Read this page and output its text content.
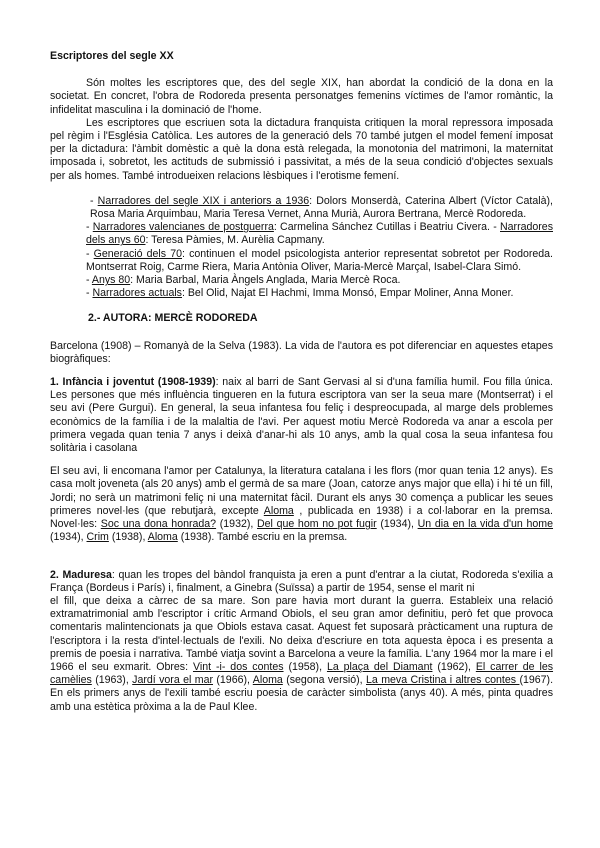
Escriptores del segle XX

Són moltes les escriptores que, des del segle XIX, han abordat la condició de la dona en la societat. En concret, l'obra de Rodoreda presenta personatges femenins víctimes de l'amor romàntic, la infidelitat masculina i la dominació de l'home.

Les escriptores que escriuen sota la dictadura franquista critiquen la moral repressora imposada pel règim i l'Església Catòlica. Les autores de la generació dels 70 també jutgen el model femení imposat per la dictadura: l'àmbit domèstic a què la dona està relegada, la monotonia del matrimoni, la maternitat imposada i, sobretot, les actituds de submissió i passivitat, a més de la seua condició d'objectes sexuals per als homes. També introdueixen relacions lèsbiques i l'erotisme femení.

- Narradores del segle XIX i anteriors a 1936: Dolors Monserdà, Caterina Albert (Víctor Català), Rosa Maria Arquimbau, Maria Teresa Vernet, Anna Murià, Aurora Bertrana, Mercè Rodoreda.

- Narradores valencianes de postguerra: Carmelina Sánchez Cutillas i Beatriu Civera. - Narradores dels anys 60: Teresa Pàmies, M. Aurèlia Capmany.

- Generació dels 70: continuen el model psicologista anterior representat sobretot per Rodoreda. Montserrat Roig, Carme Riera, Maria Antònia Oliver, Maria-Mercè Marçal, Isabel-Clara Simó.

- Anys 80: Maria Barbal, Maria Àngels Anglada, Maria Mercè Roca.

- Narradores actuals: Bel Olid, Najat El Hachmi, Imma Monsó, Empar Moliner, Anna Moner.

2.- AUTORA: MERCÈ RODOREDA

Barcelona (1908) – Romanyà de la Selva (1983). La vida de l'autora es pot diferenciar en aquestes etapes biogràfiques:

1. Infància i joventut (1908-1939): naix al barri de Sant Gervasi al si d'una família humil. Fou filla única. Les persones que més influència tingueren en la futura escriptora van ser la seua mare (Montserrat) i el seu avi (Pere Gurgui). En general, la seua infantesa fou feliç i despreocupada, al marge dels problemes econòmics de la família i de la malaltia de l'avi. Per aquest motiu Mercè Rodoreda va anar a escola per primera vegada quan tenia 7 anys i deixà d'anar-hi als 10 anys, amb la qual cosa la seua infantesa fou solitària i casolana

El seu avi, li encomana l'amor per Catalunya, la literatura catalana i les flors (mor quan tenia 12 anys). Es casa molt joveneta (als 20 anys) amb el germà de sa mare (Joan, catorze anys major que ella) i hi té un fill, Jordi; no serà un matrimoni feliç ni una maternitat fàcil. Durant els anys 30 comença a publicar les seues primeres novel·les (que rebutjarà, excepte Aloma , publicada en 1938) i a col·laborar en la premsa. Novel·les: Soc una dona honrada? (1932), Del que hom no pot fugir (1934), Un dia en la vida d'un home (1934), Crim (1938), Aloma (1938). També escriu en la premsa.

2. Maduresa: quan les tropes del bàndol franquista ja eren a punt d'entrar a la ciutat, Rodoreda s'exilia a França (Bordeus i París) i, finalment, a Ginebra (Suïssa) a partir de 1954, sense el marit ni

el fill, que deixa a càrrec de sa mare. Son pare havia mort durant la guerra. Estableix una relació extramatrimonial amb l'escriptor i crític Armand Obiols, el seu gran amor definitiu, però fet que provoca comentaris malintencionats ja que Obiols estava casat. Aquest fet suposarà pràcticament una ruptura de l'escriptora i la resta d'intel·lectuals de l'exili. No deixa d'escriure en tota aquesta època i es presenta a premis de poesia i narrativa. També viatja sovint a Barcelona a veure la família. L'any 1964 mor la mare i el 1966 el seu exmarit. Obres: Vint -i- dos contes (1958), La plaça del Diamant (1962), El carrer de les camèlies (1963), Jardí vora el mar (1966), Aloma (segona versió), La meva Cristina i altres contes (1967). En els primers anys de l'exili també escriu poesia de caràcter simbolista (anys 40). A més, pinta quadres amb una estètica pròxima a la de Paul Klee.
